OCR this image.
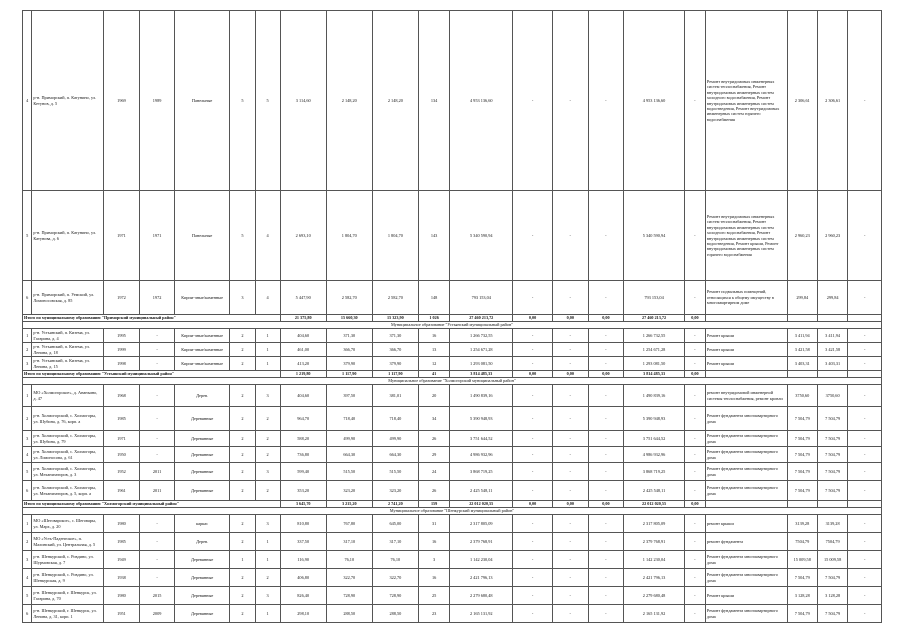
4	р-н. Приморский, п. Катунино, ул. Кетунов, д. 5	1969	1989	Панельные	5	5	3 114,60	2 148,20	2 148,20	134	4 953 136,60	-	-	-	4 953 136,60	-	Ремонт внутридомовых инженерных систем теплоснабжения, Ремонт внутридомовых инженерных систем холодного водоснабжения, Ремонт внутридомовых инженерных систем водоотведения, Ремонт внутридомовых инженерных систем горячего водоснабжения	2 306,61	2 306,61	-
5	р-н. Приморский, п. Катунино, ул. Катунова, д. 6	1971	1971	Панельные	5	4	2 693,10	1 804,70	1 804,70	143	5 340 590,94	-	-	-	5 340 590,94	-	Ремонт внутридомовых инженерных систем теплоснабжения, Ремонт внутридомовых инженерных систем холодного водоснабжения, Ремонт внутридомовых инженерных систем водоотведения, Ремонт крыши, Ремонт внутридомовых инженерных систем горячего водоснабжения	2 960,23	2 960,23	-
6	р-н. Приморский, п. Уемский, ул. Ломоносовская, д. 85	1972	1972	Кирпи-чные/каменные	3	4	5 447,90	2 582,70	2 582,70	148	793 153,04	-	-	-	793 153,04	-	Ремонт подвальных помещений, относящихся к общему имуществу в многоквартирном доме	299,84	299,84	-
Итого по муниципальному образованию "Приморский муниципальный район"							21 375,80	15 660,30	15 323,90	1 026	27 460 213,72	0,00	0,00	0,00	27 460 213,72	0,00				
Муниципальное образование "Устьянский муниципальный район"																				
1	р-н. Устьянский, п. Кизема, ул. Гагарина, д. 4	1995	-	Кирпи-чные/каменные	2	1	404,60	371,30	371,30	16	1 266 732,55	-	-	-	1 266 732,55	-	Ремонт крыши	3 411,94	3 411,94	-
2	р-н. Устьянский, п. Кизема, ул. Ленина, д. 18	1999	-	Кирпи-чные/каменные	2	1	461,00	366,70	366,70	13	1 254 671,28	-	-	-	1 254 671,28	-	Ремонт крыши	3 421,58	3 421,58	-
3	р-н. Устьянский, п. Кизема, ул. Ленина, д. 15	1998	-	Кирпи-чные/каменные	2	1	413,20	379,90	379,90	12	1 293 081,50	-	-	-	1 293 081,50	-	Ремонт крыши	3 403,31	3 403,31	-
Итого по муниципальному образованию "Устьянский муниципальный район"							1 219,80	1 117,90	1 117,90	41	3 814 485,33	0,00	0,00	0,00	3 814 485,33	0,00				
Муниципальное образование "Холмогорский муниципальный район"																				
1	МО «Холмогорское», д. Ананьино, д. 47	1968	-	Дерев.	2	3	404,60	397,50	381,01	20	1 490 839,16	-	-	-	1 490 839,16	-	ремонт внутридомовой инженерной системы теплоснабжения, ремонт кровли	3750,60	3750,60	-
2	р-н. Холмогорский, с. Холмогоры, ул. Шубина, д. 76, корп. а	1985	-	Деревянные	2	2	964,70	718,40	718,40	34	5 390 948,93	-	-	-	5 390 948,93	-	Ремонт фундамента многоквартирного дома	7 504,79	7 504,79	-
3	р-н. Холмогорский, с. Холмогоры, ул. Шубина, д. 79	1971	-	Деревянные	2	2	588,20	499,90	499,90	26	3 751 644,52	-	-	-	3 751 644,52	-	Ремонт фундамента многоквартирного дома	7 504,79	7 504,79	-
4	р-н. Холмогорский, с. Холмогоры, ул. Ломоносова, д. 61	1950	-	Деревянные	2	2	736,80	664,30	664,30	29	4 986 932,96	-	-	-	4 986 932,96	-	Ремонт фундамента многоквартирного дома	7 504,79	7 504,79	-
5	р-н. Холмогорский, с. Холмогоры, ул. Механизаторов, д. 3	1952	2011	Деревянные	2	3	599,40	515,50	515,50	24	3 868 719,25	-	-	-	3 868 719,25	-	Ремонт фундамента многоквартирного дома	7 504,79	7 504,79	-
6	р-н. Холмогорский, с. Холмогоры, ул. Механизаторов, д. 5, корп. а	1961	2011	Деревянные	2	2	353,20	323,20	323,20	26	2 425 548,11	-	-	-	2 425 548,11	-	Ремонт фундамента многоквартирного дома	7 504,79	7 504,79	-
Итого по муниципальному образованию "Холмогорский муниципальный район"							3 645,70	3 215,20	2 741,20	159	22 012 020,55	0,00	0,00	0,00	22 012 020,55	0,00				
Муниципальное образование "Шенкурский муниципальный район"																				
1	МО «Шеговарское», с. Шеговары, ул. Марх, д. 20	1980	-	каркас	2	3	810,80	767,80	645,00	31	2 317 805,09	-	-	-	2 317 805,09	-	ремонт крыши	3139,28	3139,28	-
2	МО «Усть-Паденгское», п. Малинский, ул. Центральная, д. 5	1985	-	Дерев.	2	1	337,50	317,10	317,10	16	2 379 768,91	-	-	-	2 379 768,91	-	ремонт фундамента	7504,79	7504,79	-
3	р-н. Шенкурский, с. Ровдино, ул. Шурмовская, д. 7	1949	-	Деревянные	1	1	116,90	76,10	76,10	3	1 142 230,04	-	-	-	1 142 230,04	-	Ремонт фундамента многоквартирного дома	15 009,58	15 009,58	-
4	р-н. Шенкурский, с. Ровдино, ул. Шенкурская, д. 9	1938	-	Деревянные	2	2	406,80	322,70	322,70	16	2 421 796,13	-	-	-	2 421 796,13	-	Ремонт фундамента многоквартирного дома	7 504,79	7 504,79	-
5	р-н. Шенкурский, г. Шенкурск, ул. Гагарина, д. 70	1980	2015	Деревянные	2	3	826,40	728,90	728,90	25	2 279 680,48	-	-	-	2 279 680,48	-	Ремонт крыши	3 128,28	3 128,28	-
6	р-н. Шенкурский, г. Шенкурск, ул. Ленина, д. 31, корп. 1	1951	2009	Деревянные	2	1	298,10	288,50	288,50	23	2 165 131,92	-	-	-	2 165 131,92	-	Ремонт фундамента многоквартирного дома	7 504,79	7 504,79	-
